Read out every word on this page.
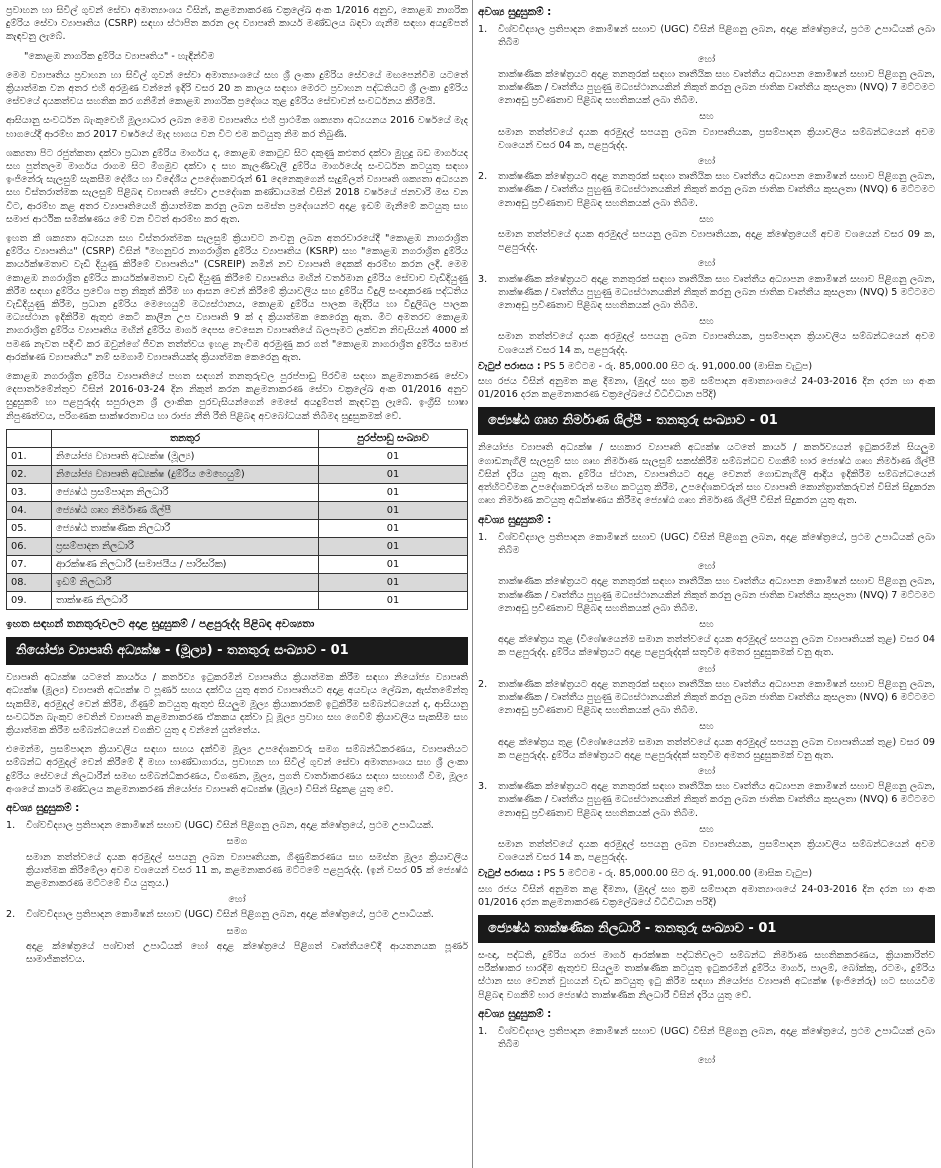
ප්‍රවාහන හා සිවිල් ගුවන් සේවා අමාත්‍යාංශය විසින්, කළමනාකරණ චක්‍රලේඛ අංක 1/2016 අනුව, කොළඹ නාගරික දුම්රිය සේවා ව්‍යාපෘතිය (CSRP) සඳහා ස්ථාපිත කරන ලද ව්‍යාපෘති කාර්ය මණ්ඩලය බඳවා ගැනීම සඳහා අයදුම්පත් කැඳවනු ලැබේ.

"කොළඹ නාගරික දුම්රිය ව්‍යාපෘතිය" - හැඳින්වීම

මෙම ව්‍යාපෘතිය ප්‍රවාහන හා සිවිල් ගුවන් සේවා අමාත්‍යාංශයේ සහ ශ්‍රී ලංකා දුම්රිය සේවයේ මඟපෙන්වීම යටතේ ක්‍රියාත්මක වන අතර එහි අරමුණ වන්නේ ඉදිරි වසර 20 ක කාලය සඳහා මෙරට ප්‍රවාහන පද්ධතියට ශ්‍රී ලංකා දුම්රිය සේවයේ දායකත්වය සහතික කර ගනිමින් කොළඹ නාගරික ප්‍රදේශය තුළ දුම්රිය සේවාවන් සංවර්ධනය කිරීමයි.

ආසියානු සංවර්ධන බැංකුවෙහි මූල්‍යාධාර ලබන මෙම ව්‍යාපෘතිය එහි ප්‍රාථමික ශක්‍යතා අධ්‍යයනය 2016 වර්ෂයේ මැද භාගයේදී ආරම්භ කර 2017 වර්ෂයේ මැද භාගය වන විට එම කටයුතු නිම කර තිබුණි.

ශක්‍යතා පිට රජුත්කතා දක්වා ප්‍රධාන දුම්රිය මාර්ගය ද, කොළඹ කොටුව සිට දකුණු කළුතර දක්වා මුහුදු බඩ මාර්ගයද සහ පුත්තලම මාර්ගය රාගම සිට මීගමුව දක්වා ද සහ කැලණිවැලි දුම්රිය මාර්ගයේද සංවර්ධන කටයුතු සඳහා ඉංජිනේරු සැලසුම් සැකසීම දේශීය හා විදේශීය උපදේශකවරුන් 61 දෙනෙකුගෙන් සැදුම්ලත් ව්‍යාපෘති ශක්‍යතා අධ්‍යයන සහ විස්තරාත්මක සැලසුම් පිළිබඳ ව්‍යාපෘති සේවා උපදේශක කණ්ඩායමක් විසින් 2018 වර්ෂයේ ජනවාරි මස වන විට, ආරම්භ කළ අතර ව්‍යාපෘතියෙහි ක්‍රියාත්මක කරනු ලබන සමස්ත ප්‍රදේශයන්ට අදාළ ඉඩම් මැනීමේ කටයුතු සහ සමාජ ආර්ථික සමීක්ෂණය මේ වන විටත් ආරම්භ කර ඇත.

ඉහත කී ශක්‍යතා අධ්‍යයන සහ විස්තරාත්මක සැලසුම් ක්‍රියාවට නංවනු ලබන අතරවාරයේදී "කොළඹ නාගරාශ්‍රිත දුම්රිය ව්‍යාපෘතිය" (CSRP) විසින් "මහනුවර නාගරාශ්‍රිත දුම්රිය ව්‍යාපෘතිය (KSRP) සහ "කොළඹ නගරාශ්‍රිත දුම්රිය කාර්යක්ෂමතාව වැඩි දියුණු කිරීමේ ව්‍යාපෘතිය" (CSREIP) නමින් නව ව්‍යාපෘති දෙකක් ආරම්භ කරන ලදී. මෙම කොළඹ නගරාශ්‍රිත දුම්රිය කාර්යක්ෂමතාව වැඩි දියුණු කිරීමේ ව්‍යාපෘතිය මඟින් වර්තමාන දුම්රිය සේවාව වැඩිදියුණු කිරීම සඳහා දුම්රිය ප්‍රවේශ පත්‍ර නිකුත් කිරීම හා ආසන වෙන් කිරීමේ ක්‍රියාවලිය සහ දුම්රිය විදුලි සංඥාකරණ පද්ධතිය වැඩිදියුණු කිරීම, ප්‍රධාන දුම්රිය මෙහෙයුම් මධ්‍යස්ථානය, කොළඹ දුම්රිය පාලක මැදිරිය හා විදුලිබල පාලක මධ්‍යස්ථාන ඉදිකිරීම ඇතුළු කෙටි කාලීන උප ව්‍යාපෘති 9 ක් ද ක්‍රියාත්මක කෙරෙනු ඇත. මීට අමතරව කොළඹ නාගරාශ්‍රිත දුම්රිය ව්‍යාපෘතිය මඟින් දුම්රිය මාර්ග දෙපස වෙසෙන ව්‍යාපෘතියේ බලපෑමට ලක්වන නිවැසියන් 4000 ක් පමණ නැවත පදිංචි කර ඔවුන්ගේ ජීවන තත්ත්වය ඉහළ නැංවීම අරමුණු කර ගත් "කොළඹ නාගරාශ්‍රිත දුම්රිය සමාජ ආරක්ෂණ ව්‍යාපෘතිය" නම් සමගාමී ව්‍යාපෘතියක්ද ක්‍රියාත්මක කෙරෙනු ඇත.

කොළඹ නගරාශ්‍රිත දුම්රිය ව්‍යාපෘතියේ පහත සඳහන් තනතුරුවල පුරප්පාඩු පිරවීම සඳහා කළමනාකරණ සේවා දෙපාර්තමේන්තුව විසින් 2016-03-24 දින නිකුත් කරන කළමනාකරණ සේවා චක්‍රලේඛ අංක 01/2016 අනුව සුදුසුකම් හා පළපුරුද්ද සපුරාලන ශ්‍රී ලාංකික පුරවැසියන්ගෙන් මෙසේ අයදුම්පත් කැඳවනු ලැබේ. ඉංග්‍රීසි භාෂා නිපුණත්වය, පරිගණක සාක්ෂරතාවය හා රාජ්‍ය නීති රීති පිළිබඳ අවබෝධයක් තිබීමද සුදුසුකමක් වේ.

	තනතුර	පුරප්පාඩු සංඛ්‍යාව
01.	නියෝජ්‍ය ව්‍යාපෘති අධ්‍යක්ෂ (මූල්‍ය)	01
02.	නියෝජ්‍ය ව්‍යාපෘති අධ්‍යක්ෂ (දුම්රිය මෙහෙයුම්)	01
03.	ජ්‍යෙෂ්ඨ ප්‍රසම්පාදන නිලධාරී	01
04.	ජ්‍යෙෂ්ඨ ගෘහ නිර්මාණ ශිල්පී	01
05.	ජ්‍යෙෂ්ඨ තාක්ෂණික නිලධාරී	01
06.	ප්‍රසම්පාදන නිලධාරී	01
07.	ආරක්ෂණ නිලධාරී (සමාජයීය / පාරිසරික)	01
08.	ඉඩම් නිලධාරී	01
09.	තාක්ෂණ නිලධාරී	01
ඉහත සඳහන් තනතුරුවලට අදාළ සුදුසුකම් / පළපුරුද්ද පිළිබඳ අවශ්‍යතා
නියෝජ්‍ය ව්‍යාපෘති අධ්‍යක්ෂ - (මූල්‍ය) - තනතුරු සංඛ්‍යාව - 01

ව්‍යාපෘති අධ්‍යක්ෂ යටතේ කාර්යය / කර්තව්‍ය ඉටුකරමින් ව්‍යාපෘතිය ක්‍රියාත්මක කිරීම සඳහා නියෝජ්‍ය ව්‍යාපෘති අධ්‍යක්ෂ (මූල්‍ය) ව්‍යාපෘති අධ්‍යක්ෂ ට පූර්ණ සහය දක්වීය යුතු අතර ව්‍යාපෘතියට අදාළ අයවැය ලේඛන, ඇස්තමේන්තු සැකසීම, අරමුදල් වෙන් කිරීම, ගිණුම් කටයුතු ඇතුළු සියලුම මූල්‍ය ක්‍රියාකාරකම් ඉටුකිරීම සම්බන්ධයෙන් ද, ආසියානු සංවර්ධන බැංකුව වෙතින් ව්‍යාපෘති කළමනාකරණ ඒකකය දක්වා වූ මූල්‍ය ප්‍රවාහ සහ ගෙවීම් ක්‍රියාවලිය සැකසීම සහ ක්‍රියාත්මක කිරීම සම්බන්ධයෙන් වගකිව යුතු ද වන්නේ යුත්තේය.

එමෙන්ම, ප්‍රසම්පාදන ක්‍රියාවලිය සඳහා සහය දක්වීම මූල්‍ය උපදේශකවරු සමග සම්බන්ධීකරණය, ව්‍යාපෘතියට සම්බන්ධ අරමුදල් වෙන් කිරීමේ දී මහා භාණ්ඩාගාරය, ප්‍රවාහන හා සිවිල් ගුවන් සේවා අමාත්‍යාංශය සහ ශ්‍රී ලංකා දුම්රිය සේවයේ නිලධාරීන් සමඟ සම්බන්ධීකරණය, විගණන, මූල්‍ය, ප්‍රගති වාර්තාකරණය සඳහා සහභාගී වීම, මූල්‍ය අංශයේ කාර්ය මණ්ඩලය කළමනාකරණ නියෝජ්‍ය ව්‍යාපෘති අධ්‍යක්ෂ (මූල්‍ය) විසින් සිදුකළ යුතු වේ.

අවශ්‍ය සුදුසුකම් :
1.	විශ්වවිද්‍යාල ප්‍රතිපාදන කොමිෂන් සභාව (UGC) විසින් පිළිගනු ලබන, අදාළ ක්ෂේත්‍රයේ, ප්‍රථම උපාධියක්.
සමග

සමාන තත්ත්වයේ දායක අරමුදල් සපයනු ලබන ව්‍යාපෘතියක, ගිණුම්කරණය සහ සමස්ත මූල්‍ය ක්‍රියාවලිය ක්‍රියාත්මක කිරීමේලා අවම වශයෙන් වසර 11 ක, කළමනාකරණ මට්ටමේ පළපුරුද්ද. (ඉන් වසර 05 ක් ජ්‍යෙෂ්ඨ කළමනාකරණ මට්ටමේ විය යුතුය.)

හෝ
2.	විශ්වවිද්‍යාල ප්‍රතිපාදන කොමිෂන් සභාව (UGC) විසින් පිළිගනු ලබන, අදාළ ක්ෂේත්‍රයේ, ප්‍රථම උපාධියක්.
සමග

අදාළ ක්ෂේත්‍රයේ පශ්චාත් උපාධියක් හෝ අදාළ ක්ෂේත්‍රයේ පිළිගත් වෘත්තීයවේදී ආයතනයක පූර්ණ සාමාජිකත්වය.

අවශ්‍ය සුදුසුකම් :
1.	විශ්වවිද්‍යාල ප්‍රතිපාදන කොමිෂන් සභාව (UGC) විසින් පිළිගනු ලබන, අදාළ ක්ෂේත්‍රයේ, ප්‍රථම උපාධියක් ලබා තිබීම
හෝ

තාක්ෂණික ක්ෂේත්‍රයට අදාළ තනතුරක් සඳහා තෘතීයික සහ වෘත්තීය අධ්‍යාපන කොමිෂන් සභාව පිළිගනු ලබන, තාක්ෂණික / වෘත්තීය පුහුණු මධ්‍යස්ථානයකින් නිකුත් කරනු ලබන ජාතික වෘත්තීය කුසලතා (NVQ) 7 මට්ටමට නොඅඩු ප්‍රවීණතාව පිළිබඳ සහතිකයක් ලබා තිබීම.

සහ

සමාන තත්ත්වයේ දායක අරමුදල් සපයනු ලබන ව්‍යාපෘතියක, ප්‍රසම්පාදන ක්‍රියාවලිය සම්බන්ධයෙන් අවම වශයෙන් වසර 04 ක, පළපුරුද්ද.

හෝ
2.	තාක්ෂණික ක්ෂේත්‍රයට අදාළ තනතුරක් සඳහා තෘතීයික සහ වෘත්තීය අධ්‍යාපන කොමිෂන් සභාව පිළිගනු ලබන, තාක්ෂණික / වෘත්තීය පුහුණු මධ්‍යස්ථානයකින් නිකුත් කරනු ලබන ජාතික වෘත්තීය කුසලතා (NVQ) 6 මට්ටමට නොඅඩු ප්‍රවීණතාව පිළිබඳ සහතිකයක් ලබා තිබීම.
සහ

සමාන තත්ත්වයේ දායක අරමුදල් සපයනු ලබන ව්‍යාපෘතියක, අදාළ ක්ෂේත්‍රයෙහි අවම වශයෙන් වසර 09 ක, පළපුරුද්ද.

හෝ
3.	තාක්ෂණික ක්ෂේත්‍රයට අදාළ තනතුරක් සඳහා තෘතීයික සහ වෘත්තීය අධ්‍යාපන කොමිෂන් සභාව පිළිගනු ලබන, තාක්ෂණික / වෘත්තීය පුහුණු මධ්‍යස්ථානයකින් නිකුත් කරනු ලබන ජාතික වෘත්තීය කුසලතා (NVQ) 5 මට්ටමට නොඅඩු ප්‍රවීණතාව පිළිබඳ සහතිකයක් ලබා තිබීම.
සහ

සමාන තත්ත්වයේ දායක අරමුදල් සපයනු ලබන ව්‍යාපෘතියක, ප්‍රසම්පාදන ක්‍රියාවලිය සම්බන්ධයෙන් අවම වශයෙන් වසර 14 ක, පළපුරුද්ද.

වැටුප් පරාසය : PS 5 මට්ටම - රු. 85,000.00 සිට රු. 91,000.00 (මාසික වැටුප)

සහ රජය විසින් අනුමත කළ දීමනා, (මුදල් සහ ක්‍රම සම්පාදන අමාත්‍යාංශයේ 24-03-2016 දින දරන හා අංක 01/2016 දරන කළමනාකරණ චක්‍රලේඛයේ විධිවිධාන පරිදි)

ජ්‍යෙෂ්ඨ ගෘහ නිර්මාණ ශිල්පී - තනතුරු සංඛ්‍යාව - 01

නියෝජ්‍ය ව්‍යාපෘති අධ්‍යක්ෂ / සහකාර ව්‍යාපෘති අධ්‍යක්ෂ යටතේ කාර්ය / කර්තව්‍යයන් ඉටුකරමින් සියලුම ගොඩනැගිලි සැලසුම් සහ ගෘහ නිර්මාණ සැලසුම් සකස්කිරීම සම්බන්ධව වගකීම් භාර ජ්‍යෙෂ්ඨ ගෘහ නිර්මාණ ශිල්පී විසින් දැරිය යුතු ඇත. දුම්රිය ස්ථාන, ව්‍යාපෘතියට අදාළ වෙනත් ගොඩනැගිලි ආදිය ඉදිකිරීම සම්බන්ධයෙන් අත්හිටවීමක උපදේශකවරුන් සමඟ කටයුතු කිරීම, උපදේශකවරුන් සහ ව්‍යාපෘති කොන්ත්‍රාත්කරුවන් විසින් සිදුකරන ගෘහ නිර්මාණ කටයුතු අධීක්ෂණය කිරීමද ජ්‍යෙෂ්ඨ ගෘහ නිර්මාණ ශිල්පී විසින් සිදුකරන යුතු ඇත.

අවශ්‍ය සුදුසුකම් :
1.	විශ්වවිද්‍යාල ප්‍රතිපාදන කොමිෂන් සභාව (UGC) විසින් පිළිගනු ලබන, අදාළ ක්ෂේත්‍රයේ, ප්‍රථම උපාධියක් ලබා තිබීම
හෝ

තාක්ෂණික ක්ෂේත්‍රයට අදාළ තනතුරක් සඳහා තෘතීයික සහ වෘත්තීය අධ්‍යාපන කොමිෂන් සභාව පිළිගනු ලබන, තාක්ෂණික / වෘත්තීය පුහුණු මධ්‍යස්ථානයකින් නිකුත් කරනු ලබන ජාතික වෘත්තීය කුසලතා (NVQ) 7 මට්ටමට නොඅඩු ප්‍රවීණතාව පිළිබඳ සහතිකයක් ලබා තිබීම.

සහ

අදාළ ක්ෂේත්‍රය තුළ (විශේෂයෙන්ම සමාන තත්ත්වයේ දායක අරමුදල් සපයනු ලබන ව්‍යාපෘතියක් තුළ) වසර 04 ක පළපුරුද්ද. දුම්රිය ක්ෂේත්‍රයට අදාළ පළපුරුද්දක් සතුවීම අමතර සුදුසුකමක් වනු ඇත.

හෝ
2.	තාක්ෂණික ක්ෂේත්‍රයට අදාළ තනතුරක් සඳහා තෘතීයික සහ වෘත්තීය අධ්‍යාපන කොමිෂන් සභාව පිළිගනු ලබන, තාක්ෂණික / වෘත්තීය පුහුණු මධ්‍යස්ථානයකින් නිකුත් කරනු ලබන ජාතික වෘත්තීය කුසලතා (NVQ) 6 මට්ටමට නොඅඩු ප්‍රවීණතාව පිළිබඳ සහතිකයක් ලබා තිබීම.
සහ

අදාළ ක්ෂේත්‍රය තුළ (විශේෂයෙන්ම සමාන තත්ත්වයේ දායක අරමුදල් සපයනු ලබන ව්‍යාපෘතියක් තුළ) වසර 09 ක පළපුරුද්ද. දුම්රිය ක්ෂේත්‍රයට අදාළ පළපුරුද්දක් සතුවීම අමතර සුදුසුකමක් වනු ඇත.

හෝ
3.	තාක්ෂණික ක්ෂේත්‍රයට අදාළ තනතුරක් සඳහා තෘතීයික සහ වෘත්තීය අධ්‍යාපන කොමිෂන් සභාව පිළිගනු ලබන, තාක්ෂණික / වෘත්තීය පුහුණු මධ්‍යස්ථානයකින් නිකුත් කරනු ලබන ජාතික වෘත්තීය කුසලතා (NVQ) 6 මට්ටමට නොඅඩු ප්‍රවීණතාව පිළිබඳ සහතිකයක් ලබා තිබීම.
සහ

සමාන තත්ත්වයේ දායක අරමුදල් සපයනු ලබන ව්‍යාපෘතියක, ප්‍රසම්පාදන ක්‍රියාවලිය සම්බන්ධයෙන් අවම වශයෙන් වසර 14 ක, පළපුරුද්ද.

වැටුප් පරාසය : PS 5 මට්ටම - රු. 85,000.00 සිට රු. 91,000.00 (මාසික වැටුප)

සහ රජය විසින් අනුමත කළ දීමනා, (මුදල් සහ ක්‍රම සම්පාදන අමාත්‍යාංශයේ 24-03-2016 දින දරන හා අංක 01/2016 දරන කළමනාකරණ චක්‍රලේඛයේ විධිවිධාන පරිදි)

ජ්‍යෙෂ්ඨ තාක්ෂණික නිලධාරී - තනතුරු සංඛ්‍යාව - 01

සංඥා, පද්ධති, දුම්රිය ගරාජ මාර්ග ආරක්ෂක පද්ධතිවලට සම්බන්ධ නිර්මාණ සහතිකකරණය, ක්‍රියාකාරිත්ව පරීක්ෂාකර භාරදීම ඇතුළුව සියලුම තාක්ෂණික කටයුතු ඉටුකරමින් දුම්රිය මාර්ග, පාලම්, බෝක්කු, රටමං, දුම්රිය ස්ථාන සහ වෙනත් වුහයන් වැඩ කටයුතු ඉටු කිරීම සඳහා නියෝජ්‍ය ව්‍යාපෘති අධ්‍යක්ෂ (ඉංජිනේරු) හට සහයවීම පිළිබඳ වගකීම් භාර ජ්‍යෙෂ්ඨ තාක්ෂණික නිලධාරී විසින් දැරිය යුතු වේ.

අවශ්‍ය සුදුසුකම් :
1.	විශ්වවිද්‍යාල ප්‍රතිපාදන කොමිෂන් සභාව (UGC) විසින් පිළිගනු ලබන, අදාළ ක්ෂේත්‍රයේ, ප්‍රථම උපාධියක් ලබා තිබීම
හෝ
